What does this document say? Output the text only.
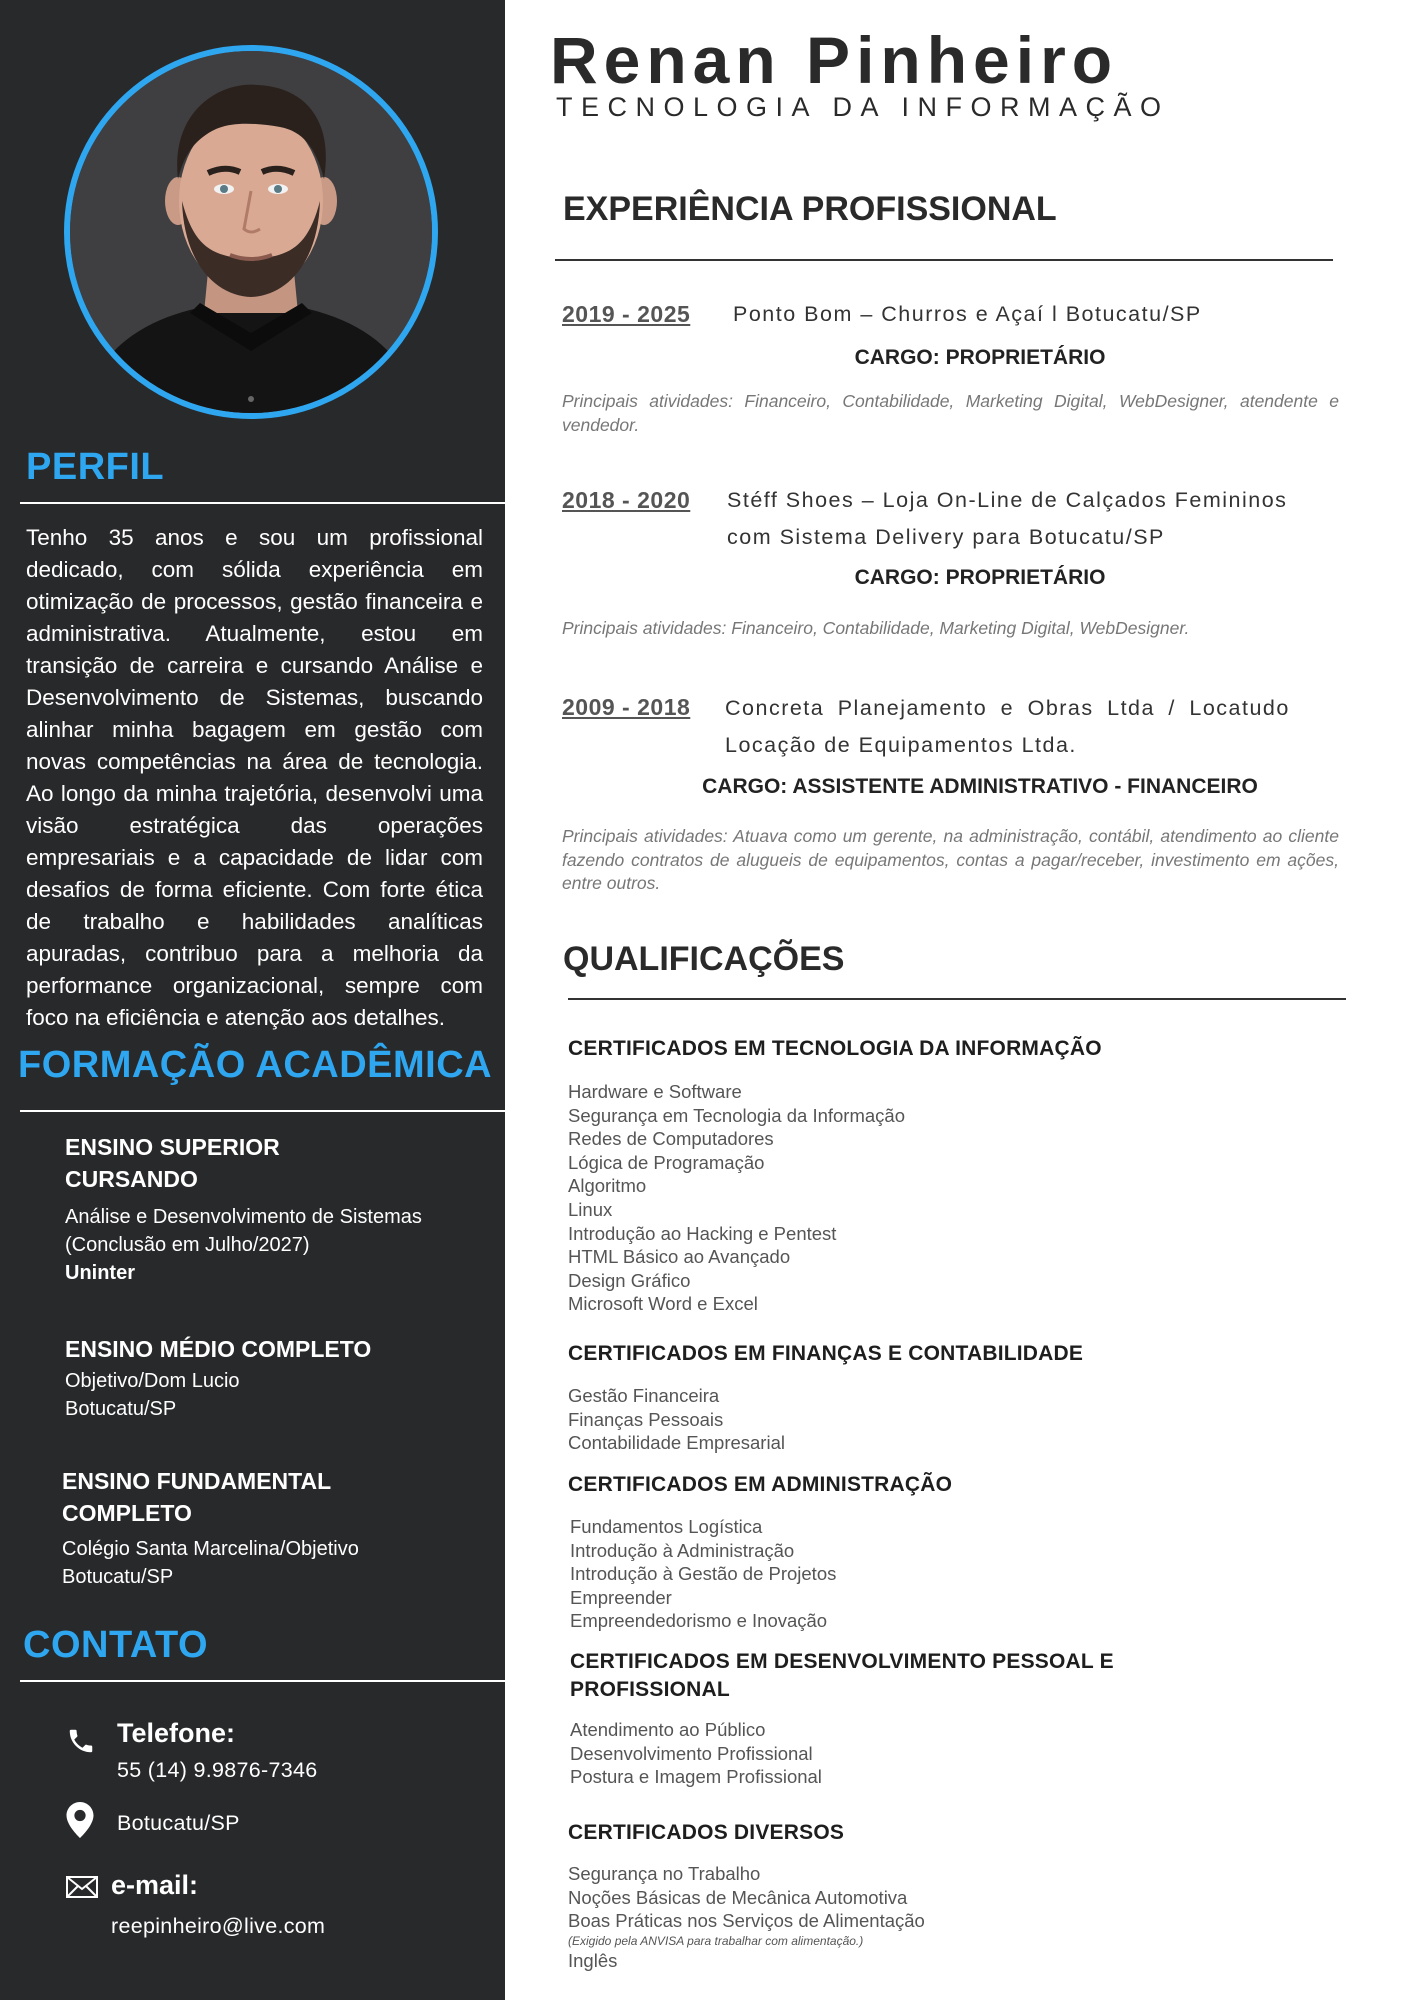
PERFIL

Tenho 35 anos e sou um profissional dedicado, com sólida experiência em otimização de processos, gestão financeira e administrativa. Atualmente, estou em transição de carreira e cursando Análise e Desenvolvimento de Sistemas, buscando alinhar minha bagagem em gestão com novas competências na área de tecnologia. Ao longo da minha trajetória, desenvolvi uma visão estratégica das operações empresariais e a capacidade de lidar com desafios de forma eficiente. Com forte ética de trabalho e habilidades analíticas apuradas, contribuo para a melhoria da performance organizacional, sempre com foco na eficiência e atenção aos detalhes.

FORMAÇÃO ACADÊMICA

ENSINO SUPERIOR

CURSANDO

Análise e Desenvolvimento de Sistemas

(Conclusão em Julho/2027)

Uninter

ENSINO MÉDIO COMPLETO

Objetivo/Dom Lucio

Botucatu/SP

ENSINO FUNDAMENTAL

COMPLETO

Colégio Santa Marcelina/Objetivo

Botucatu/SP

CONTATO

Telefone:

55 (14) 9.9876-7346

Botucatu/SP

e-mail:

reepinheiro@live.com

Renan Pinheiro

TECNOLOGIA DA INFORMAÇÃO

EXPERIÊNCIA PROFISSIONAL

2019 - 2025 Ponto Bom – Churros e Açaí l Botucatu/SP

CARGO: PROPRIETÁRIO

Principais atividades: Financeiro, Contabilidade, Marketing Digital, WebDesigner, atendente e vendedor.

2018 - 2020 Stéff Shoes – Loja On-Line de Calçados Femininos

com Sistema Delivery para Botucatu/SP

CARGO: PROPRIETÁRIO

Principais atividades: Financeiro, Contabilidade, Marketing Digital, WebDesigner.

2009 - 2018 Concreta Planejamento e Obras Ltda / Locatudo

Locação de Equipamentos Ltda.

CARGO: ASSISTENTE ADMINISTRATIVO - FINANCEIRO

Principais atividades: Atuava como um gerente, na administração, contábil, atendimento ao cliente fazendo contratos de alugueis de equipamentos, contas a pagar/receber, investimento em ações, entre outros.

QUALIFICAÇÕES

CERTIFICADOS EM TECNOLOGIA DA INFORMAÇÃO

Hardware e Software
Segurança em Tecnologia da Informação
Redes de Computadores
Lógica de Programação
Algoritmo
Linux
Introdução ao Hacking e Pentest
HTML Básico ao Avançado
Design Gráfico
Microsoft Word e Excel

CERTIFICADOS EM FINANÇAS E CONTABILIDADE

Gestão Financeira
Finanças Pessoais
Contabilidade Empresarial

CERTIFICADOS EM ADMINISTRAÇÃO

Fundamentos Logística
Introdução à Administração
Introdução à Gestão de Projetos
Empreender
Empreendedorismo e Inovação

CERTIFICADOS EM DESENVOLVIMENTO PESSOAL E PROFISSIONAL

Atendimento ao Público
Desenvolvimento Profissional
Postura e Imagem Profissional

CERTIFICADOS DIVERSOS

Segurança no Trabalho
Noções Básicas de Mecânica Automotiva
Boas Práticas nos Serviços de Alimentação
(Exigido pela ANVISA para trabalhar com alimentação.)
Inglês
